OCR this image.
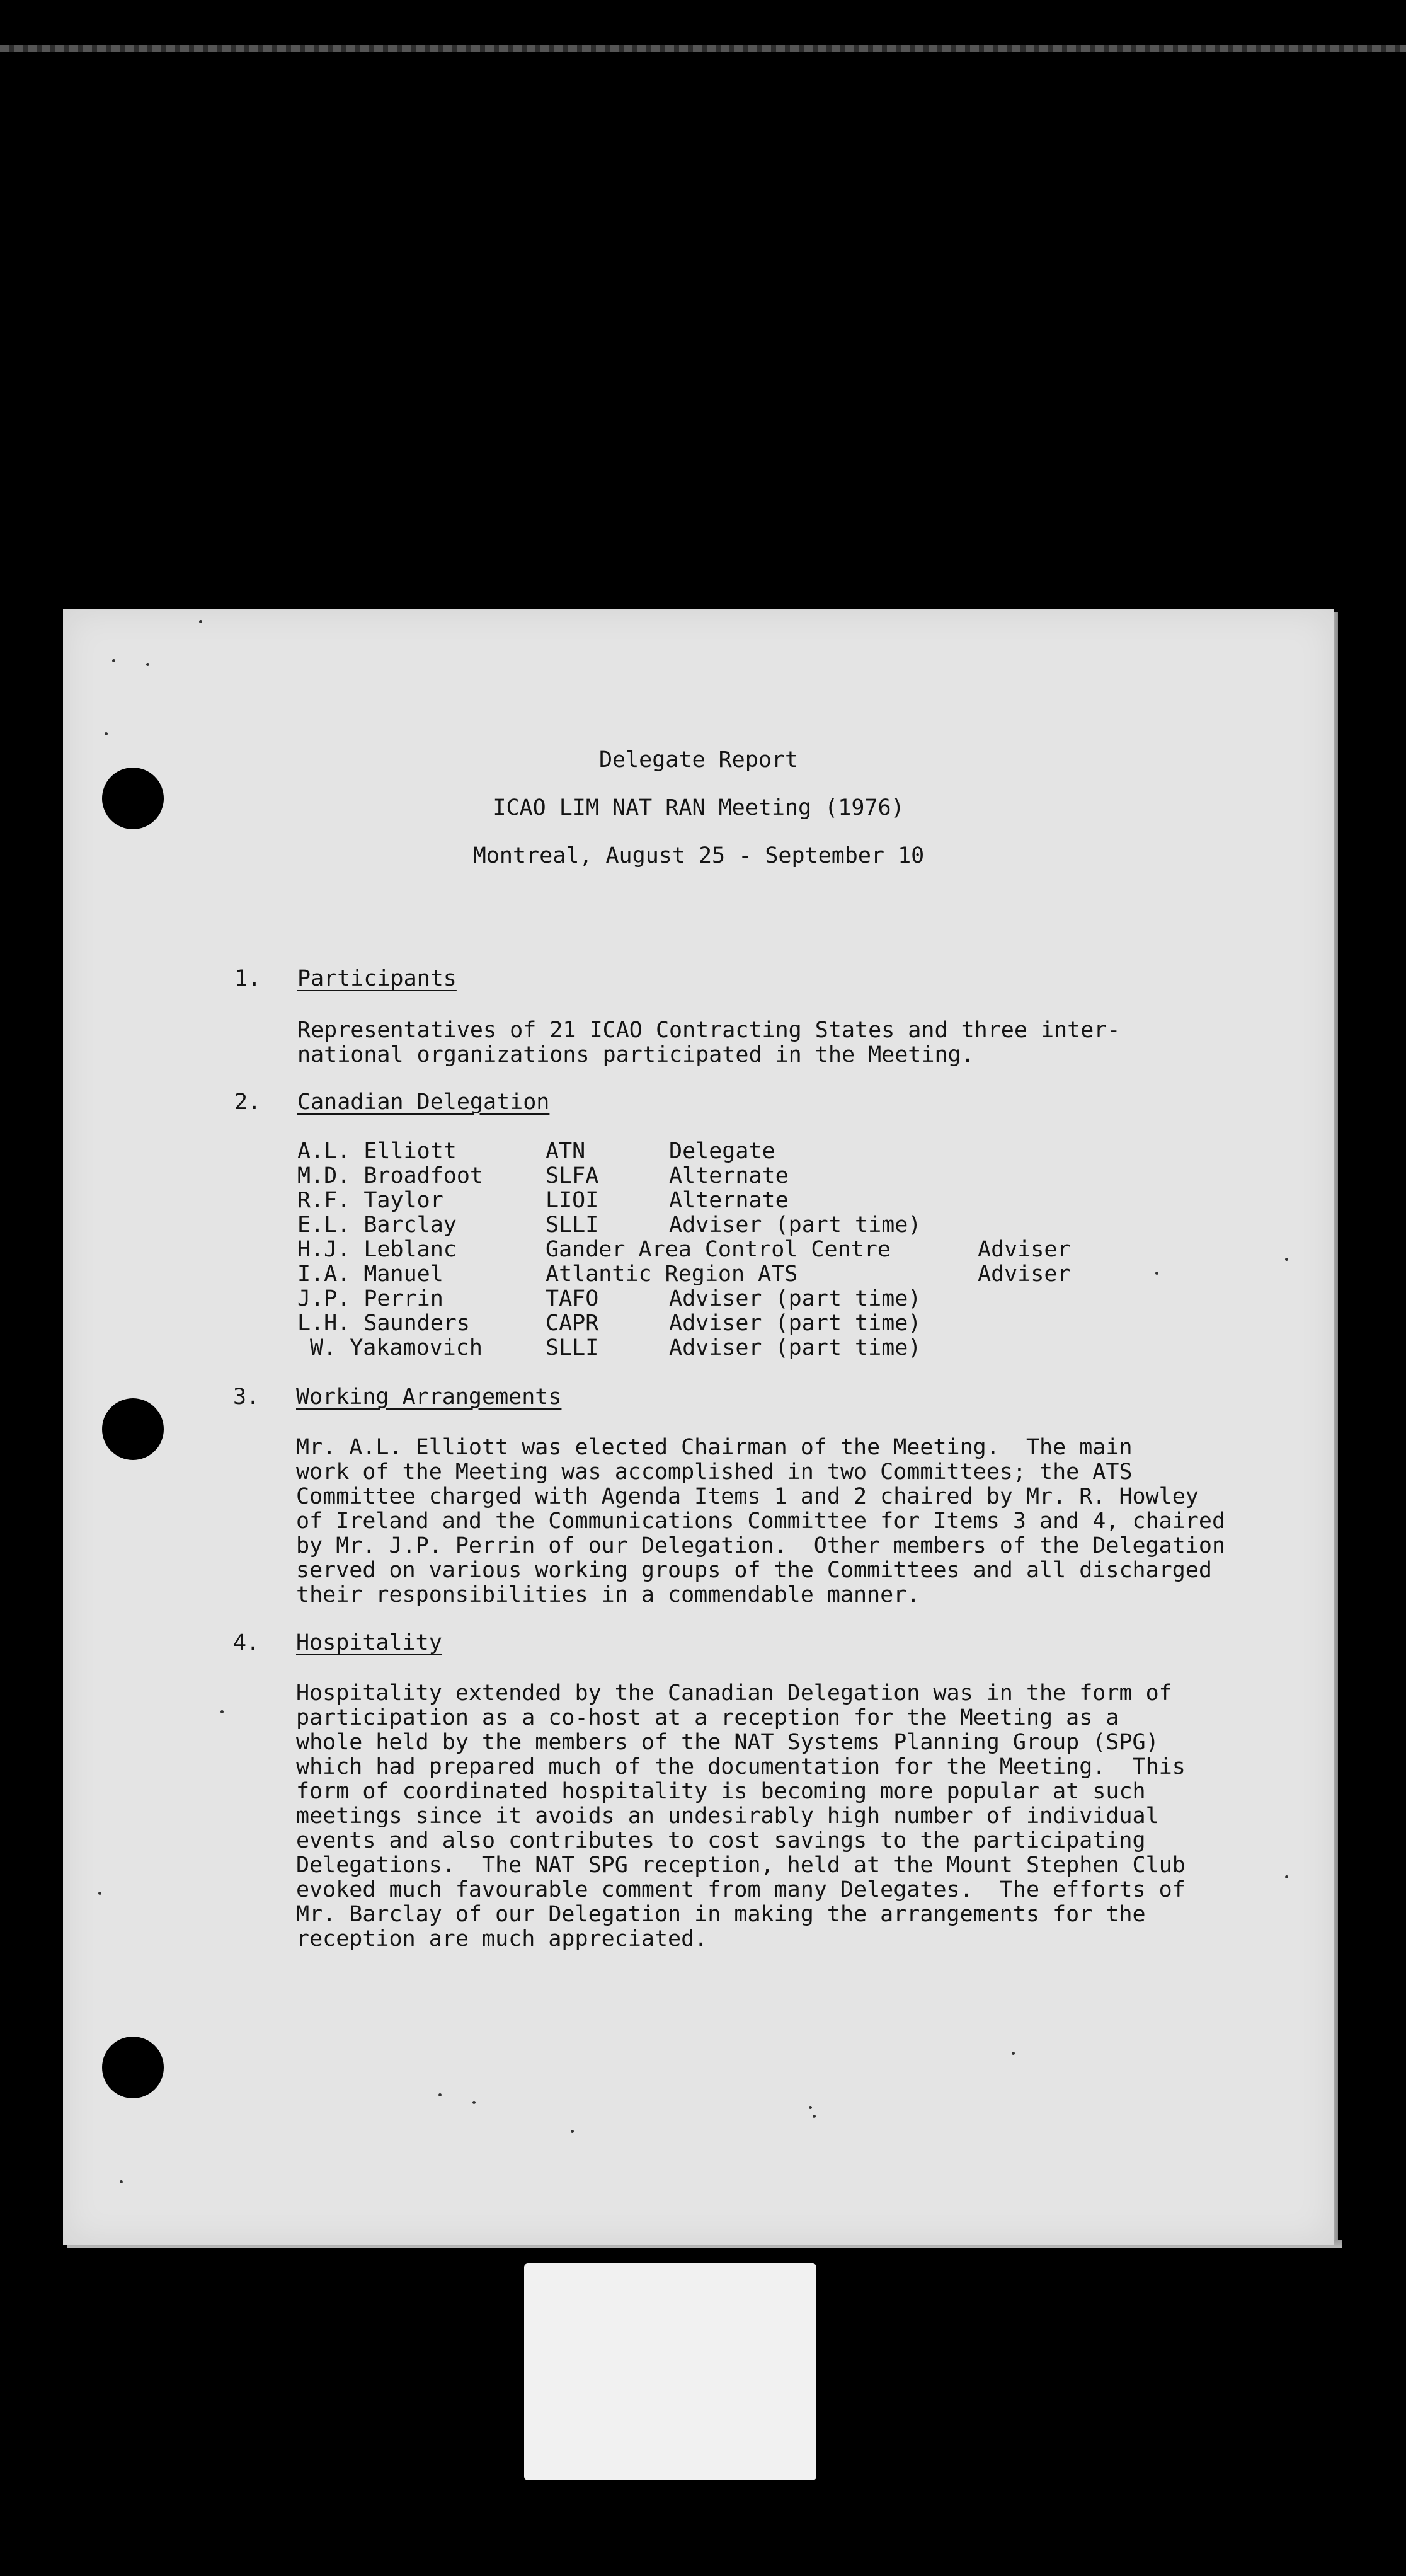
Delegate Report
ICAO LIM NAT RAN Meeting (1976)
Montreal, August 25 - September 10
1. Participants
Representatives of 21 ICAO Contracting States and three inter-
national organizations participated in the Meeting.
2. Canadian Delegation
A.L. Elliott	ATN	Delegate
M.D. Broadfoot	SLFA	Alternate
R.F. Taylor	LIOI	Alternate
E.L. Barclay	SLLI	Adviser (part time)
H.J. Leblanc	Gander Area Control Centre	Adviser
I.A. Manuel	Atlantic Region ATS	Adviser
J.P. Perrin	TAFO	Adviser (part time)
L.H. Saunders	CAPR	Adviser (part time)
W. Yakamovich	SLLI	Adviser (part time)
3. Working Arrangements
Mr. A.L. Elliott was elected Chairman of the Meeting.  The main
work of the Meeting was accomplished in two Committees; the ATS
Committee charged with Agenda Items 1 and 2 chaired by Mr. R. Howley
of Ireland and the Communications Committee for Items 3 and 4, chaired
by Mr. J.P. Perrin of our Delegation.  Other members of the Delegation
served on various working groups of the Committees and all discharged
their responsibilities in a commendable manner.
4. Hospitality
Hospitality extended by the Canadian Delegation was in the form of
participation as a co-host at a reception for the Meeting as a
whole held by the members of the NAT Systems Planning Group (SPG)
which had prepared much of the documentation for the Meeting.  This
form of coordinated hospitality is becoming more popular at such
meetings since it avoids an undesirably high number of individual
events and also contributes to cost savings to the participating
Delegations.  The NAT SPG reception, held at the Mount Stephen Club
evoked much favourable comment from many Delegates.  The efforts of
Mr. Barclay of our Delegation in making the arrangements for the
reception are much appreciated.
